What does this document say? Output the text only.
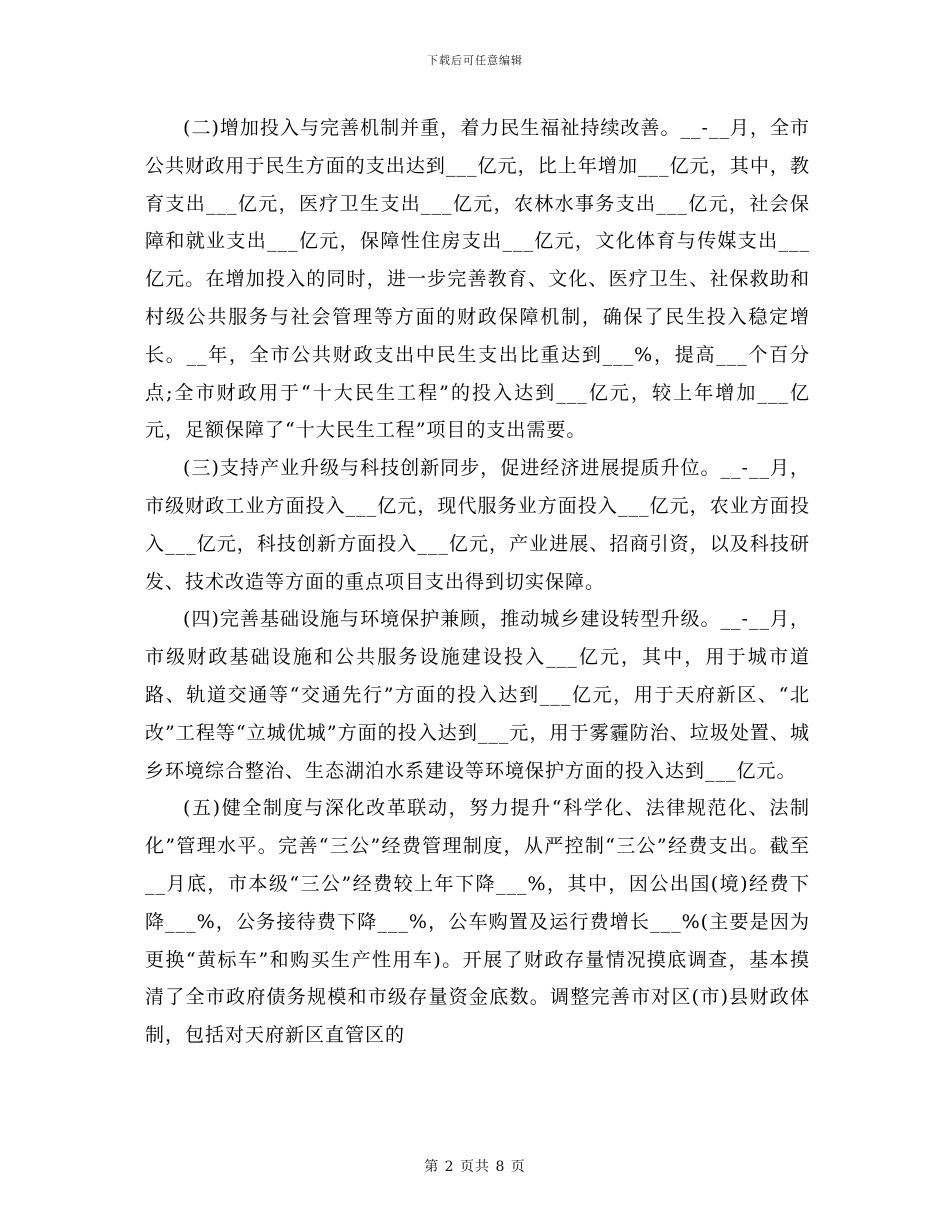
下载后可任意编辑

(二)增加投入与完善机制并重，着力民生福祉持续改善。__-__月，全市公共财政用于民生方面的支出达到___亿元，比上年增加___亿元，其中，教育支出___亿元，医疗卫生支出___亿元，农林水事务支出___亿元，社会保障和就业支出___亿元，保障性住房支出___亿元，文化体育与传媒支出___亿元。在增加投入的同时，进一步完善教育、文化、医疗卫生、社保救助和村级公共服务与社会管理等方面的财政保障机制，确保了民生投入稳定增长。__年，全市公共财政支出中民生支出比重达到___%，提高___个百分点;全市财政用于“十大民生工程”的投入达到___亿元，较上年增加___亿元，足额保障了“十大民生工程”项目的支出需要。

(三)支持产业升级与科技创新同步，促进经济进展提质升位。__-__月，市级财政工业方面投入___亿元，现代服务业方面投入___亿元，农业方面投入___亿元，科技创新方面投入___亿元，产业进展、招商引资，以及科技研发、技术改造等方面的重点项目支出得到切实保障。

(四)完善基础设施与环境保护兼顾，推动城乡建设转型升级。__-__月，市级财政基础设施和公共服务设施建设投入___亿元，其中，用于城市道路、轨道交通等“交通先行”方面的投入达到___亿元，用于天府新区、“北改”工程等“立城优城”方面的投入达到___元，用于雾霾防治、垃圾处置、城乡环境综合整治、生态湖泊水系建设等环境保护方面的投入达到___亿元。

(五)健全制度与深化改革联动，努力提升“科学化、法律规范化、法制化”管理水平。完善“三公”经费管理制度，从严控制“三公”经费支出。截至__月底，市本级“三公”经费较上年下降___%，其中，因公出国(境)经费下降___%，公务接待费下降___%，公车购置及运行费增长___%(主要是因为更换“黄标车”和购买生产性用车)。开展了财政存量情况摸底调查，基本摸清了全市政府债务规模和市级存量资金底数。调整完善市对区(市)县财政体制，包括对天府新区直管区的

第 2 页共 8 页
